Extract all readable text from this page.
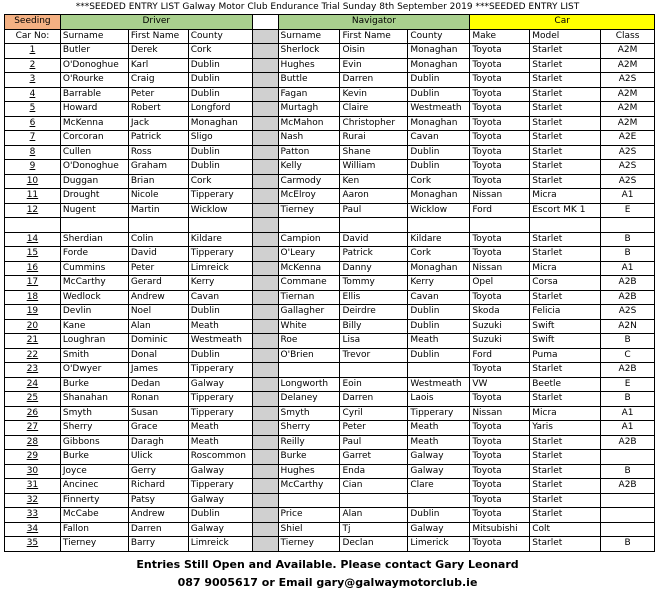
***SEEDED ENTRY LIST Galway Motor Club Endurance Trial Sunday 8th September 2019 ***SEEDED ENTRY LIST
Seeding	Driver				Navigator			Car		
Car No:	Surname	First Name	County		Surname	First Name	County	Make	Model	Class
1	Butler	Derek	Cork		Sherlock	Oisin	Monaghan	Toyota	Starlet	A2M
2	O'Donoghue	Karl	Dublin		Hughes	Evin	Monaghan	Toyota	Starlet	A2M
3	O'Rourke	Craig	Dublin		Buttle	Darren	Dublin	Toyota	Starlet	A2S
4	Barrable	Peter	Dublin		Fagan	Kevin	Dublin	Toyota	Starlet	A2M
5	Howard	Robert	Longford		Murtagh	Claire	Westmeath	Toyota	Starlet	A2M
6	McKenna	Jack	Monaghan		McMahon	Christopher	Monaghan	Toyota	Starlet	A2M
7	Corcoran	Patrick	Sligo		Nash	Rurai	Cavan	Toyota	Starlet	A2E
8	Cullen	Ross	Dublin		Patton	Shane	Dublin	Toyota	Starlet	A2S
9	O'Donoghue	Graham	Dublin		Kelly	William	Dublin	Toyota	Starlet	A2S
10	Duggan	Brian	Cork		Carmody	Ken	Cork	Toyota	Starlet	A2S
11	Drought	Nicole	Tipperary		McElroy	Aaron	Monaghan	Nissan	Micra	A1
12	Nugent	Martin	Wicklow		Tierney	Paul	Wicklow	Ford	Escort MK 1	E

14	Sherdian	Colin	Kildare		Campion	David	Kildare	Toyota	Starlet	B
15	Forde	David	Tipperary		O'Leary	Patrick	Cork	Toyota	Starlet	B
16	Cummins	Peter	Limreick		McKenna	Danny	Monaghan	Nissan	Micra	A1
17	McCarthy	Gerard	Kerry		Commane	Tommy	Kerry	Opel	Corsa	A2B
18	Wedlock	Andrew	Cavan		Tiernan	Ellis	Cavan	Toyota	Starlet	A2B
19	Devlin	Noel	Dublin		Gallagher	Deirdre	Dublin	Skoda	Felicia	A2S
20	Kane	Alan	Meath		White	Billy	Dublin	Suzuki	Swift	A2N
21	Loughran	Dominic	Westmeath		Roe	Lisa	Meath	Suzuki	Swift	B
22	Smith	Donal	Dublin		O'Brien	Trevor	Dublin	Ford	Puma	C
23	O'Dwyer	James	Tipperary					Toyota	Starlet	A2B
24	Burke	Dedan	Galway		Longworth	Eoin	Westmeath	VW	Beetle	E
25	Shanahan	Ronan	Tipperary		Delaney	Darren	Laois	Toyota	Starlet	B
26	Smyth	Susan	Tipperary		Smyth	Cyril	Tipperary	Nissan	Micra	A1
27	Sherry	Grace	Meath		Sherry	Peter	Meath	Toyota	Yaris	A1
28	Gibbons	Daragh	Meath		Reilly	Paul	Meath	Toyota	Starlet	A2B
29	Burke	Ulick	Roscommon		Burke	Garret	Galway	Toyota	Starlet	
30	Joyce	Gerry	Galway		Hughes	Enda	Galway	Toyota	Starlet	B
31	Ancinec	Richard	Tipperary		McCarthy	Cian	Clare	Toyota	Starlet	A2B
32	Finnerty	Patsy	Galway					Toyota	Starlet	
33	McCabe	Andrew	Dublin		Price	Alan	Dublin	Toyota	Starlet	
34	Fallon	Darren	Galway		Shiel	Tj	Galway	Mitsubishi	Colt	
35	Tierney	Barry	Limreick		Tierney	Declan	Limerick	Toyota	Starlet	B
Entries Still Open and Available. Please contact Gary Leonard
087 9005617 or Email gary@galwaymotorclub.ie
